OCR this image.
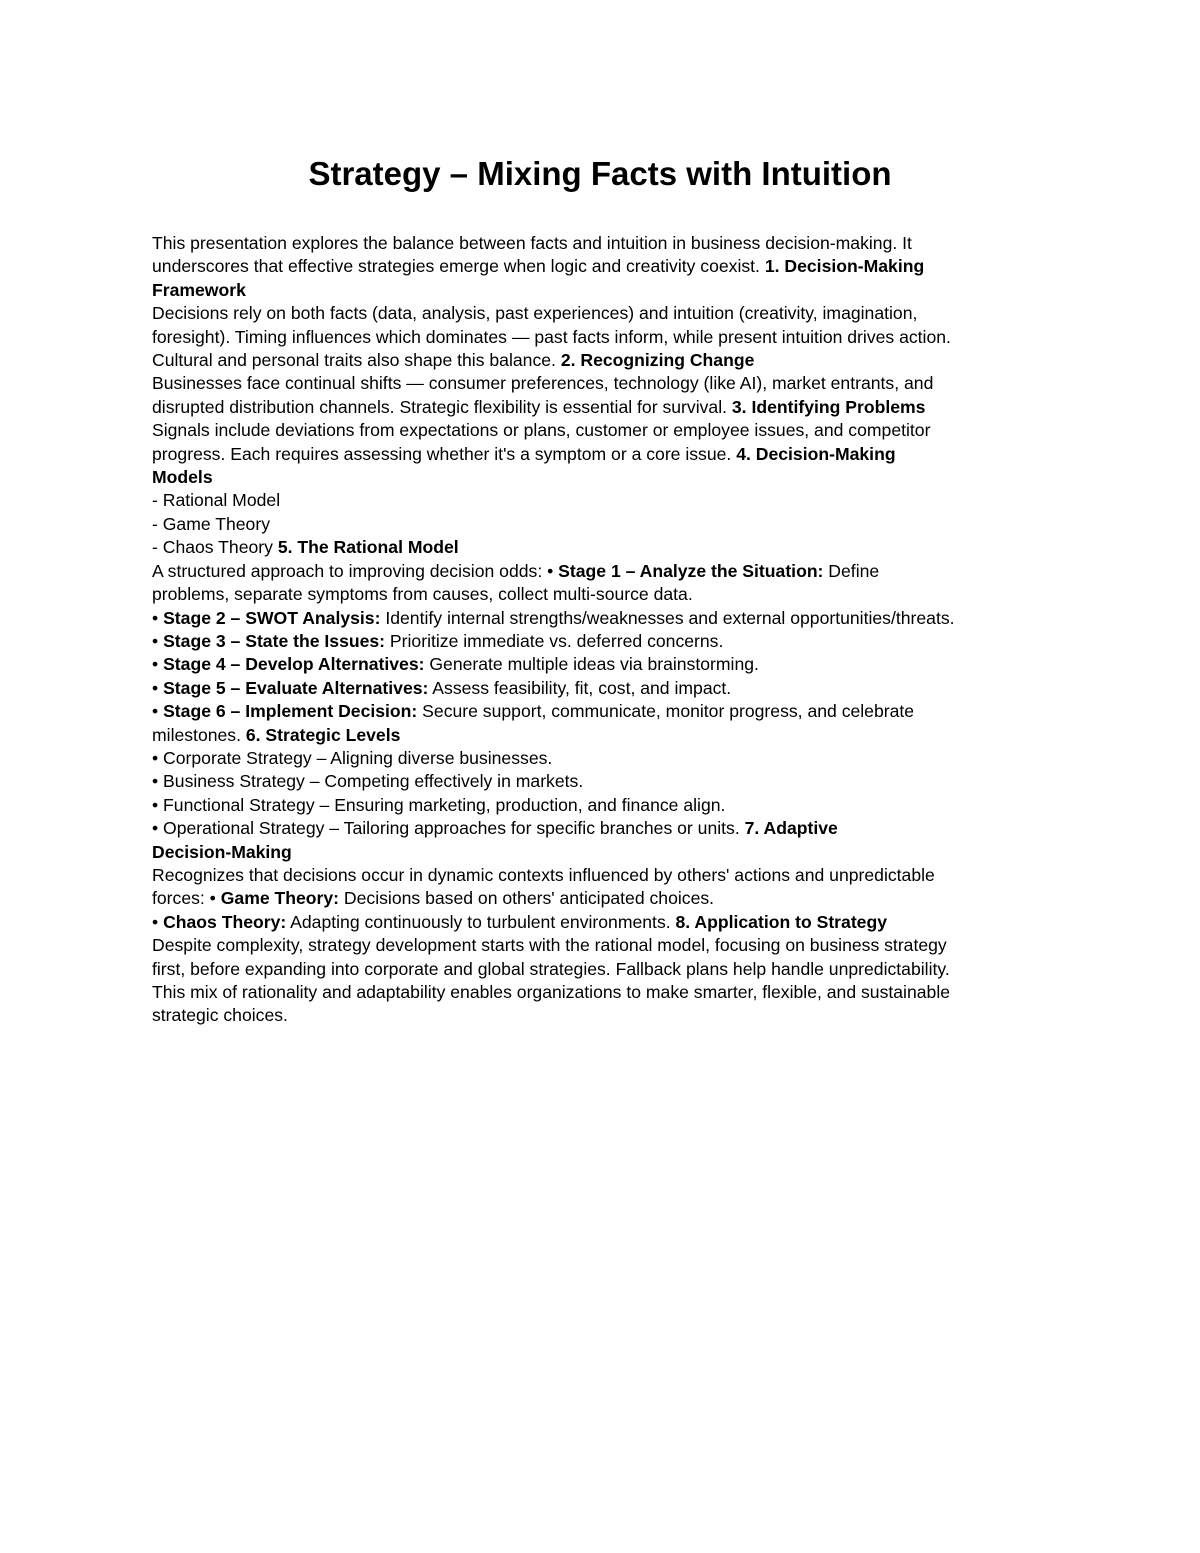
Strategy – Mixing Facts with Intuition
This presentation explores the balance between facts and intuition in business decision-making. It
underscores that effective strategies emerge when logic and creativity coexist. 1. Decision-Making
Framework
Decisions rely on both facts (data, analysis, past experiences) and intuition (creativity, imagination,
foresight). Timing influences which dominates — past facts inform, while present intuition drives action.
Cultural and personal traits also shape this balance. 2. Recognizing Change
Businesses face continual shifts — consumer preferences, technology (like AI), market entrants, and
disrupted distribution channels. Strategic flexibility is essential for survival. 3. Identifying Problems
Signals include deviations from expectations or plans, customer or employee issues, and competitor
progress. Each requires assessing whether it's a symptom or a core issue. 4. Decision-Making
Models
- Rational Model
- Game Theory
- Chaos Theory 5. The Rational Model
A structured approach to improving decision odds: • Stage 1 – Analyze the Situation: Define
problems, separate symptoms from causes, collect multi-source data.
• Stage 2 – SWOT Analysis: Identify internal strengths/weaknesses and external opportunities/threats.
• Stage 3 – State the Issues: Prioritize immediate vs. deferred concerns.
• Stage 4 – Develop Alternatives: Generate multiple ideas via brainstorming.
• Stage 5 – Evaluate Alternatives: Assess feasibility, fit, cost, and impact.
• Stage 6 – Implement Decision: Secure support, communicate, monitor progress, and celebrate
milestones. 6. Strategic Levels
• Corporate Strategy – Aligning diverse businesses.
• Business Strategy – Competing effectively in markets.
• Functional Strategy – Ensuring marketing, production, and finance align.
• Operational Strategy – Tailoring approaches for specific branches or units. 7. Adaptive
Decision-Making
Recognizes that decisions occur in dynamic contexts influenced by others' actions and unpredictable
forces: • Game Theory: Decisions based on others' anticipated choices.
• Chaos Theory: Adapting continuously to turbulent environments. 8. Application to Strategy
Despite complexity, strategy development starts with the rational model, focusing on business strategy
first, before expanding into corporate and global strategies. Fallback plans help handle unpredictability.
This mix of rationality and adaptability enables organizations to make smarter, flexible, and sustainable
strategic choices.
